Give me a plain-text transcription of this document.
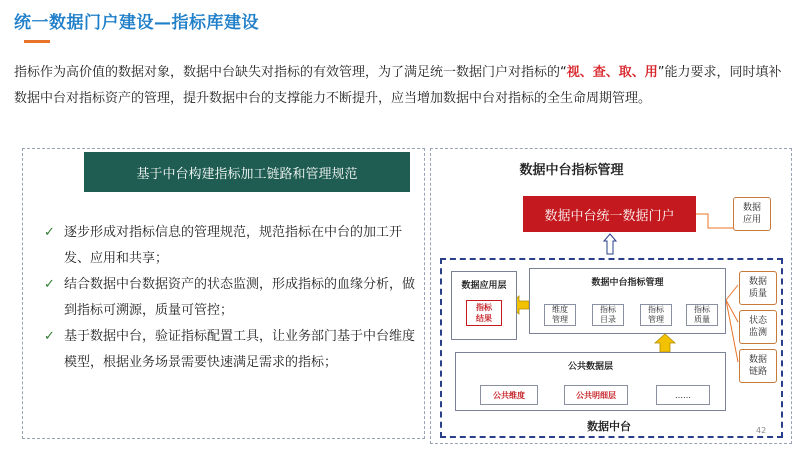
统一数据门户建设—指标库建设
指标作为高价值的数据对象，数据中台缺失对指标的有效管理，为了满足统一数据门户对指标的“视、查、取、用”能力要求，同时填补数据中台对指标资产的管理，提升数据中台的支撑能力不断提升，应当增加数据中台对指标的全生命周期管理。
基于中台构建指标加工链路和管理规范
✓ 逐步形成对指标信息的管理规范，规范指标在中台的加工开发、应用和共享；
✓ 结合数据中台数据资产的状态监测，形成指标的血缘分析，做到指标可溯源，质量可管控；
✓ 基于数据中台，验证指标配置工具，让业务部门基于中台维度模型，根据业务场景需要快速满足需求的指标；
数据中台指标管理
数据中台统一数据门户
数据应用层
指标
结果
数据中台指标管理
维度
管理
指标
目录
指标
管理
指标
质量
公共数据层
公共维度	公共明细层	……
数据中台
数据
应用
数据
质量
状态
监测
数据
链路
42
